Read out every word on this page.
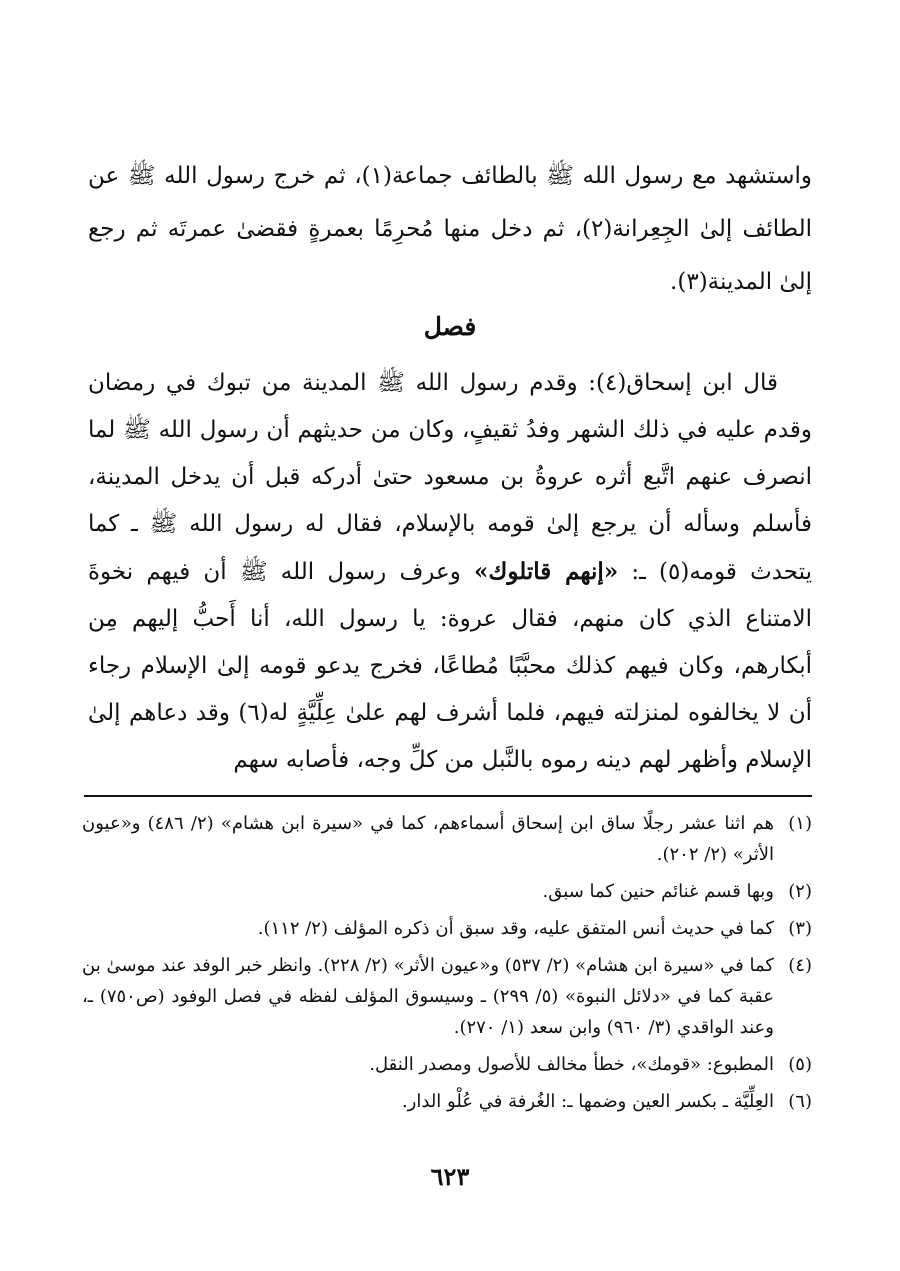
واستشهد مع رسول الله ﷺ بالطائف جماعة(١)، ثم خرج رسول الله ﷺ عن الطائف إلىٰ الجِعِرانة(٢)، ثم دخل منها مُحرِمًا بعمرةٍ فقضىٰ عمرتَه ثم رجع إلىٰ المدينة(٣).

فصل

قال ابن إسحاق(٤): وقدم رسول الله ﷺ المدينة من تبوك في رمضان وقدم عليه في ذلك الشهر وفدُ ثقيفٍ، وكان من حديثهم أن رسول الله ﷺ لما انصرف عنهم اتَّبع أثره عروةُ بن مسعود حتىٰ أدركه قبل أن يدخل المدينة، فأسلم وسأله أن يرجع إلىٰ قومه بالإسلام، فقال له رسول الله ﷺ ـ كما يتحدث قومه(٥) ـ: «إنهم قاتلوك» وعرف رسول الله ﷺ أن فيهم نخوةَ الامتناع الذي كان منهم، فقال عروة: يا رسول الله، أنا أَحبُّ إليهم مِن أبكارهم، وكان فيهم كذلك محبَّبًا مُطاعًا، فخرج يدعو قومه إلىٰ الإسلام رجاء أن لا يخالفوه لمنزلته فيهم، فلما أشرف لهم علىٰ عِلِّيَّةٍ له(٦) وقد دعاهم إلىٰ الإسلام وأظهر لهم دينه رموه بالنَّبل من كلِّ وجه، فأصابه سهم

(١)
هم اثنا عشر رجلًا ساق ابن إسحاق أسماءهم، كما في «سيرة ابن هشام» (٢/ ٤٨٦) و«عيون الأثر» (٢/ ٢٠٢).
(٢)
وبها قسم غنائم حنين كما سبق.
(٣)
كما في حديث أنس المتفق عليه، وقد سبق أن ذكره المؤلف (٢/ ١١٢).
(٤)
كما في «سيرة ابن هشام» (٢/ ٥٣٧) و«عيون الأثر» (٢/ ٢٢٨). وانظر خبر الوفد عند موسىٰ بن عقبة كما في «دلائل النبوة» (٥/ ٢٩٩) ـ وسيسوق المؤلف لفظه في فصل الوفود (ص٧٥٠) ـ، وعند الواقدي (٣/ ٩٦٠) وابن سعد (١/ ٢٧٠).
(٥)
المطبوع: «قومك»، خطأ مخالف للأصول ومصدر النقل.
(٦)
العِلِّيَّة ـ بكسر العين وضمها ـ: الغُرفة في عُلْو الدار.
٦٢٣
